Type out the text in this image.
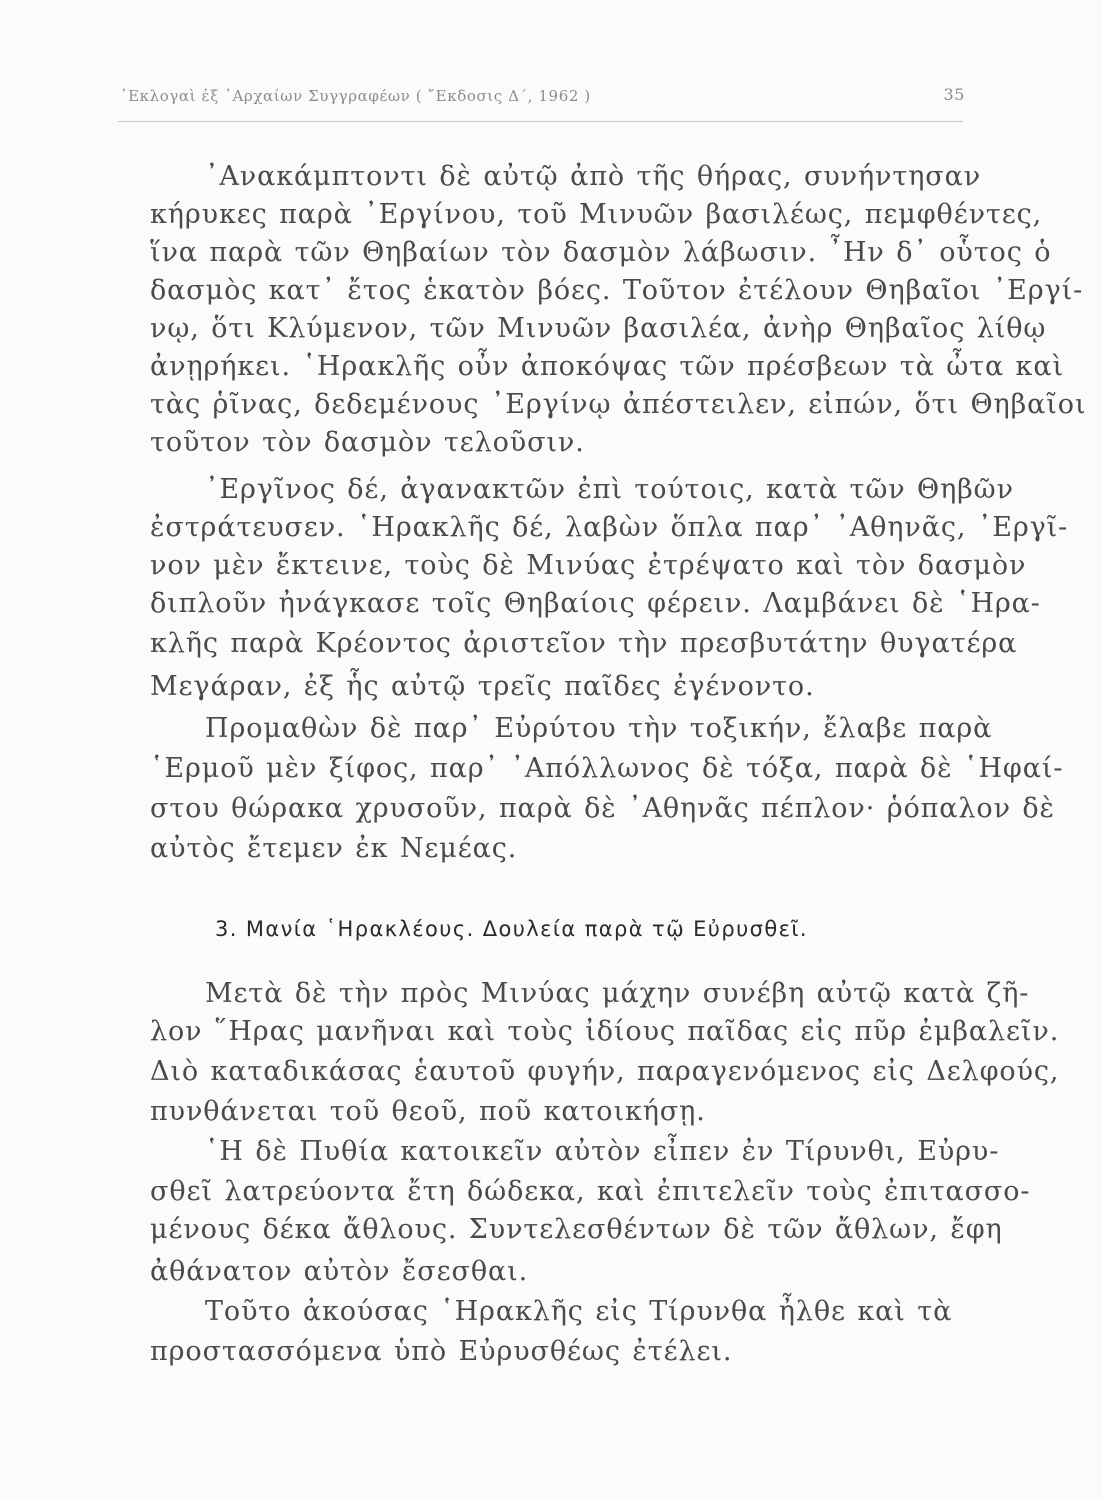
᾿Εκλογαὶ ἐξ ᾿Αρχαίων Συγγραφέων ( ῎Εκδοσις Δ΄, 1962 )	35
᾿Ανακάμπτοντι δὲ αὐτῷ ἀπὸ τῆς θήρας, συνήντησαν
κήρυκες παρὰ ᾿Εργίνου, τοῦ Μινυῶν βασιλέως, πεμφθέντες,
ἵνα παρὰ τῶν Θηβαίων τὸν δασμὸν λάβωσιν. ῏Ην δ᾿ οὗτος ὁ
δασμὸς κατ᾿ ἔτος ἑκατὸν βόες. Τοῦτον ἐτέλουν Θηβαῖοι ᾿Εργί-
νῳ, ὅτι Κλύμενον, τῶν Μινυῶν βασιλέα, ἀνὴρ Θηβαῖος λίθῳ
ἀνῃρήκει. ῾Ηρακλῆς οὖν ἀποκόψας τῶν πρέσβεων τὰ ὦτα καὶ
τὰς ῥῖνας, δεδεμένους ᾿Εργίνῳ ἀπέστειλεν, εἰπών, ὅτι Θηβαῖοι
τοῦτον τὸν δασμὸν τελοῦσιν.
᾿Εργῖνος δέ, ἀγανακτῶν ἐπὶ τούτοις, κατὰ τῶν Θηβῶν
ἐστράτευσεν. ῾Ηρακλῆς δέ, λαβὼν ὅπλα παρ᾿ ᾿Αθηνᾶς, ᾿Εργῖ-
νον μὲν ἔκτεινε, τοὺς δὲ Μινύας ἐτρέψατο καὶ τὸν δασμὸν
διπλοῦν ἠνάγκασε τοῖς Θηβαίοις φέρειν. Λαμβάνει δὲ ῾Ηρα-
κλῆς παρὰ Κρέοντος ἀριστεῖον τὴν πρεσβυτάτην θυγατέρα
Μεγάραν, ἐξ ἧς αὐτῷ τρεῖς παῖδες ἐγένοντο.
Προμαθὼν δὲ παρ᾿ Εὐρύτου τὴν τοξικήν, ἔλαβε παρὰ
῾Ερμοῦ μὲν ξίφος, παρ᾿ ᾿Απόλλωνος δὲ τόξα, παρὰ δὲ ῾Ηφαί-
στου θώρακα χρυσοῦν, παρὰ δὲ ᾿Αθηνᾶς πέπλον· ῥόπαλον δὲ
αὐτὸς ἔτεμεν ἐκ Νεμέας.
3. Μανία ῾Ηρακλέους. Δουλεία παρὰ τῷ Εὐρυσθεῖ.
Μετὰ δὲ τὴν πρὸς Μινύας μάχην συνέβη αὐτῷ κατὰ ζῆ-
λον ῞Ηρας μανῆναι καὶ τοὺς ἰδίους παῖδας εἰς πῦρ ἐμβαλεῖν.
Διὸ καταδικάσας ἑαυτοῦ φυγήν, παραγενόμενος εἰς Δελφούς,
πυνθάνεται τοῦ θεοῦ, ποῦ κατοικήσῃ.
῾Η δὲ Πυθία κατοικεῖν αὐτὸν εἶπεν ἐν Τίρυνθι, Εὐρυ-
σθεῖ λατρεύοντα ἔτη δώδεκα, καὶ ἐπιτελεῖν τοὺς ἐπιτασσο-
μένους δέκα ἄθλους. Συντελεσθέντων δὲ τῶν ἄθλων, ἔφη
ἀθάνατον αὐτὸν ἔσεσθαι.
Τοῦτο ἀκούσας ῾Ηρακλῆς εἰς Τίρυνθα ἦλθε καὶ τὰ
προστασσόμενα ὑπὸ Εὐρυσθέως ἐτέλει.
